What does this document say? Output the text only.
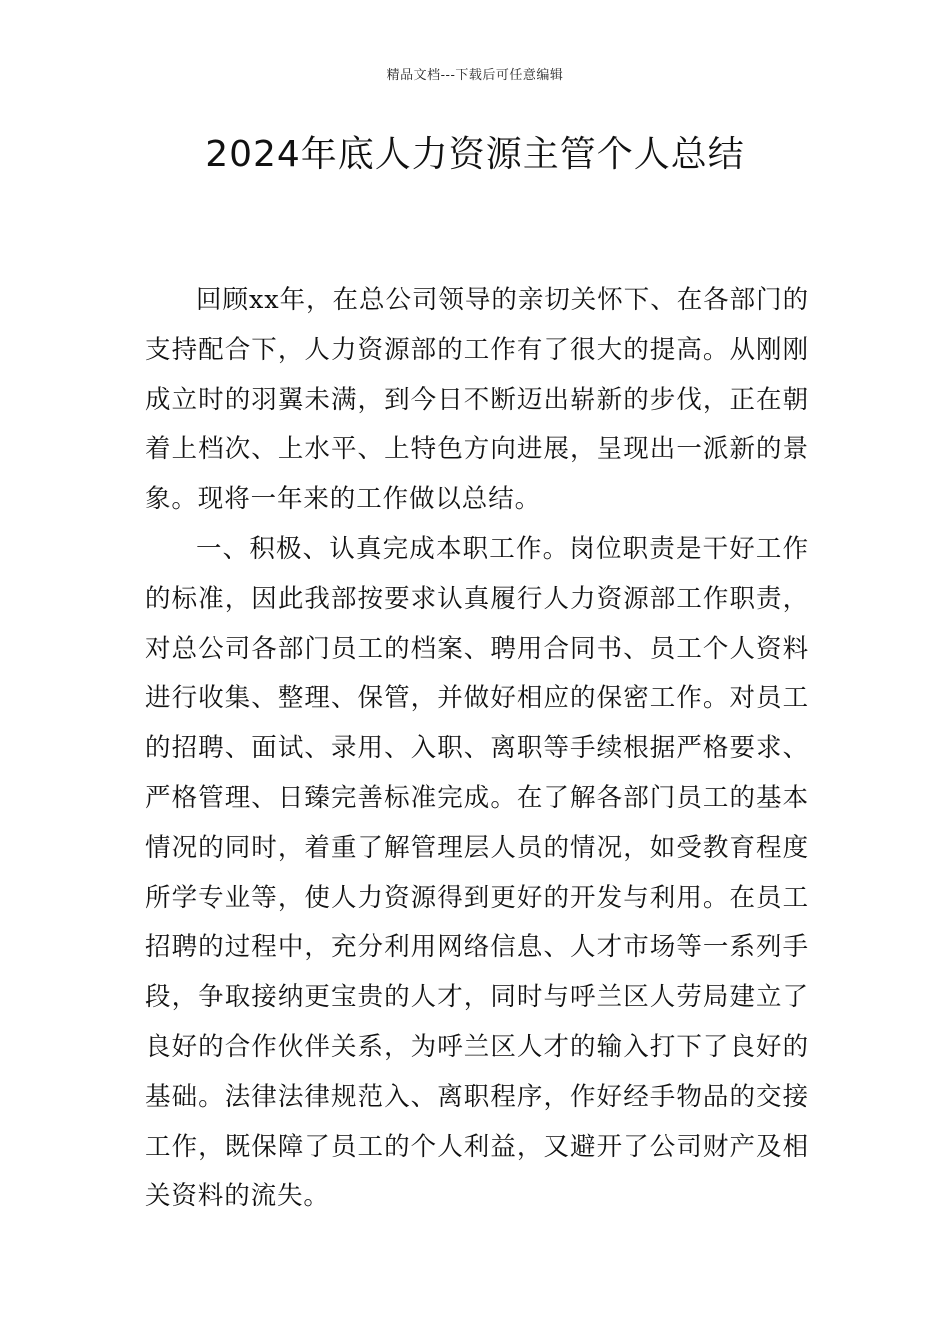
精品文档---下载后可任意编辑
2024年底人力资源主管个人总结

回顾xx年，在总公司领导的亲切关怀下、在各部门的支持配合下，人力资源部的工作有了很大的提高。从刚刚成立时的羽翼未满，到今日不断迈出崭新的步伐，正在朝着上档次、上水平、上特色方向进展，呈现出一派新的景象。现将一年来的工作做以总结。

一、积极、认真完成本职工作。岗位职责是干好工作的标准，因此我部按要求认真履行人力资源部工作职责，对总公司各部门员工的档案、聘用合同书、员工个人资料进行收集、整理、保管，并做好相应的保密工作。对员工的招聘、面试、录用、入职、离职等手续根据严格要求、严格管理、日臻完善标准完成。在了解各部门员工的基本情况的同时，着重了解管理层人员的情况，如受教育程度所学专业等，使人力资源得到更好的开发与利用。在员工招聘的过程中，充分利用网络信息、人才市场等一系列手段，争取接纳更宝贵的人才，同时与呼兰区人劳局建立了良好的合作伙伴关系，为呼兰区人才的输入打下了良好的基础。法律法律规范入、离职程序，作好经手物品的交接工作，既保障了员工的个人利益，又避开了公司财产及相关资料的流失。
